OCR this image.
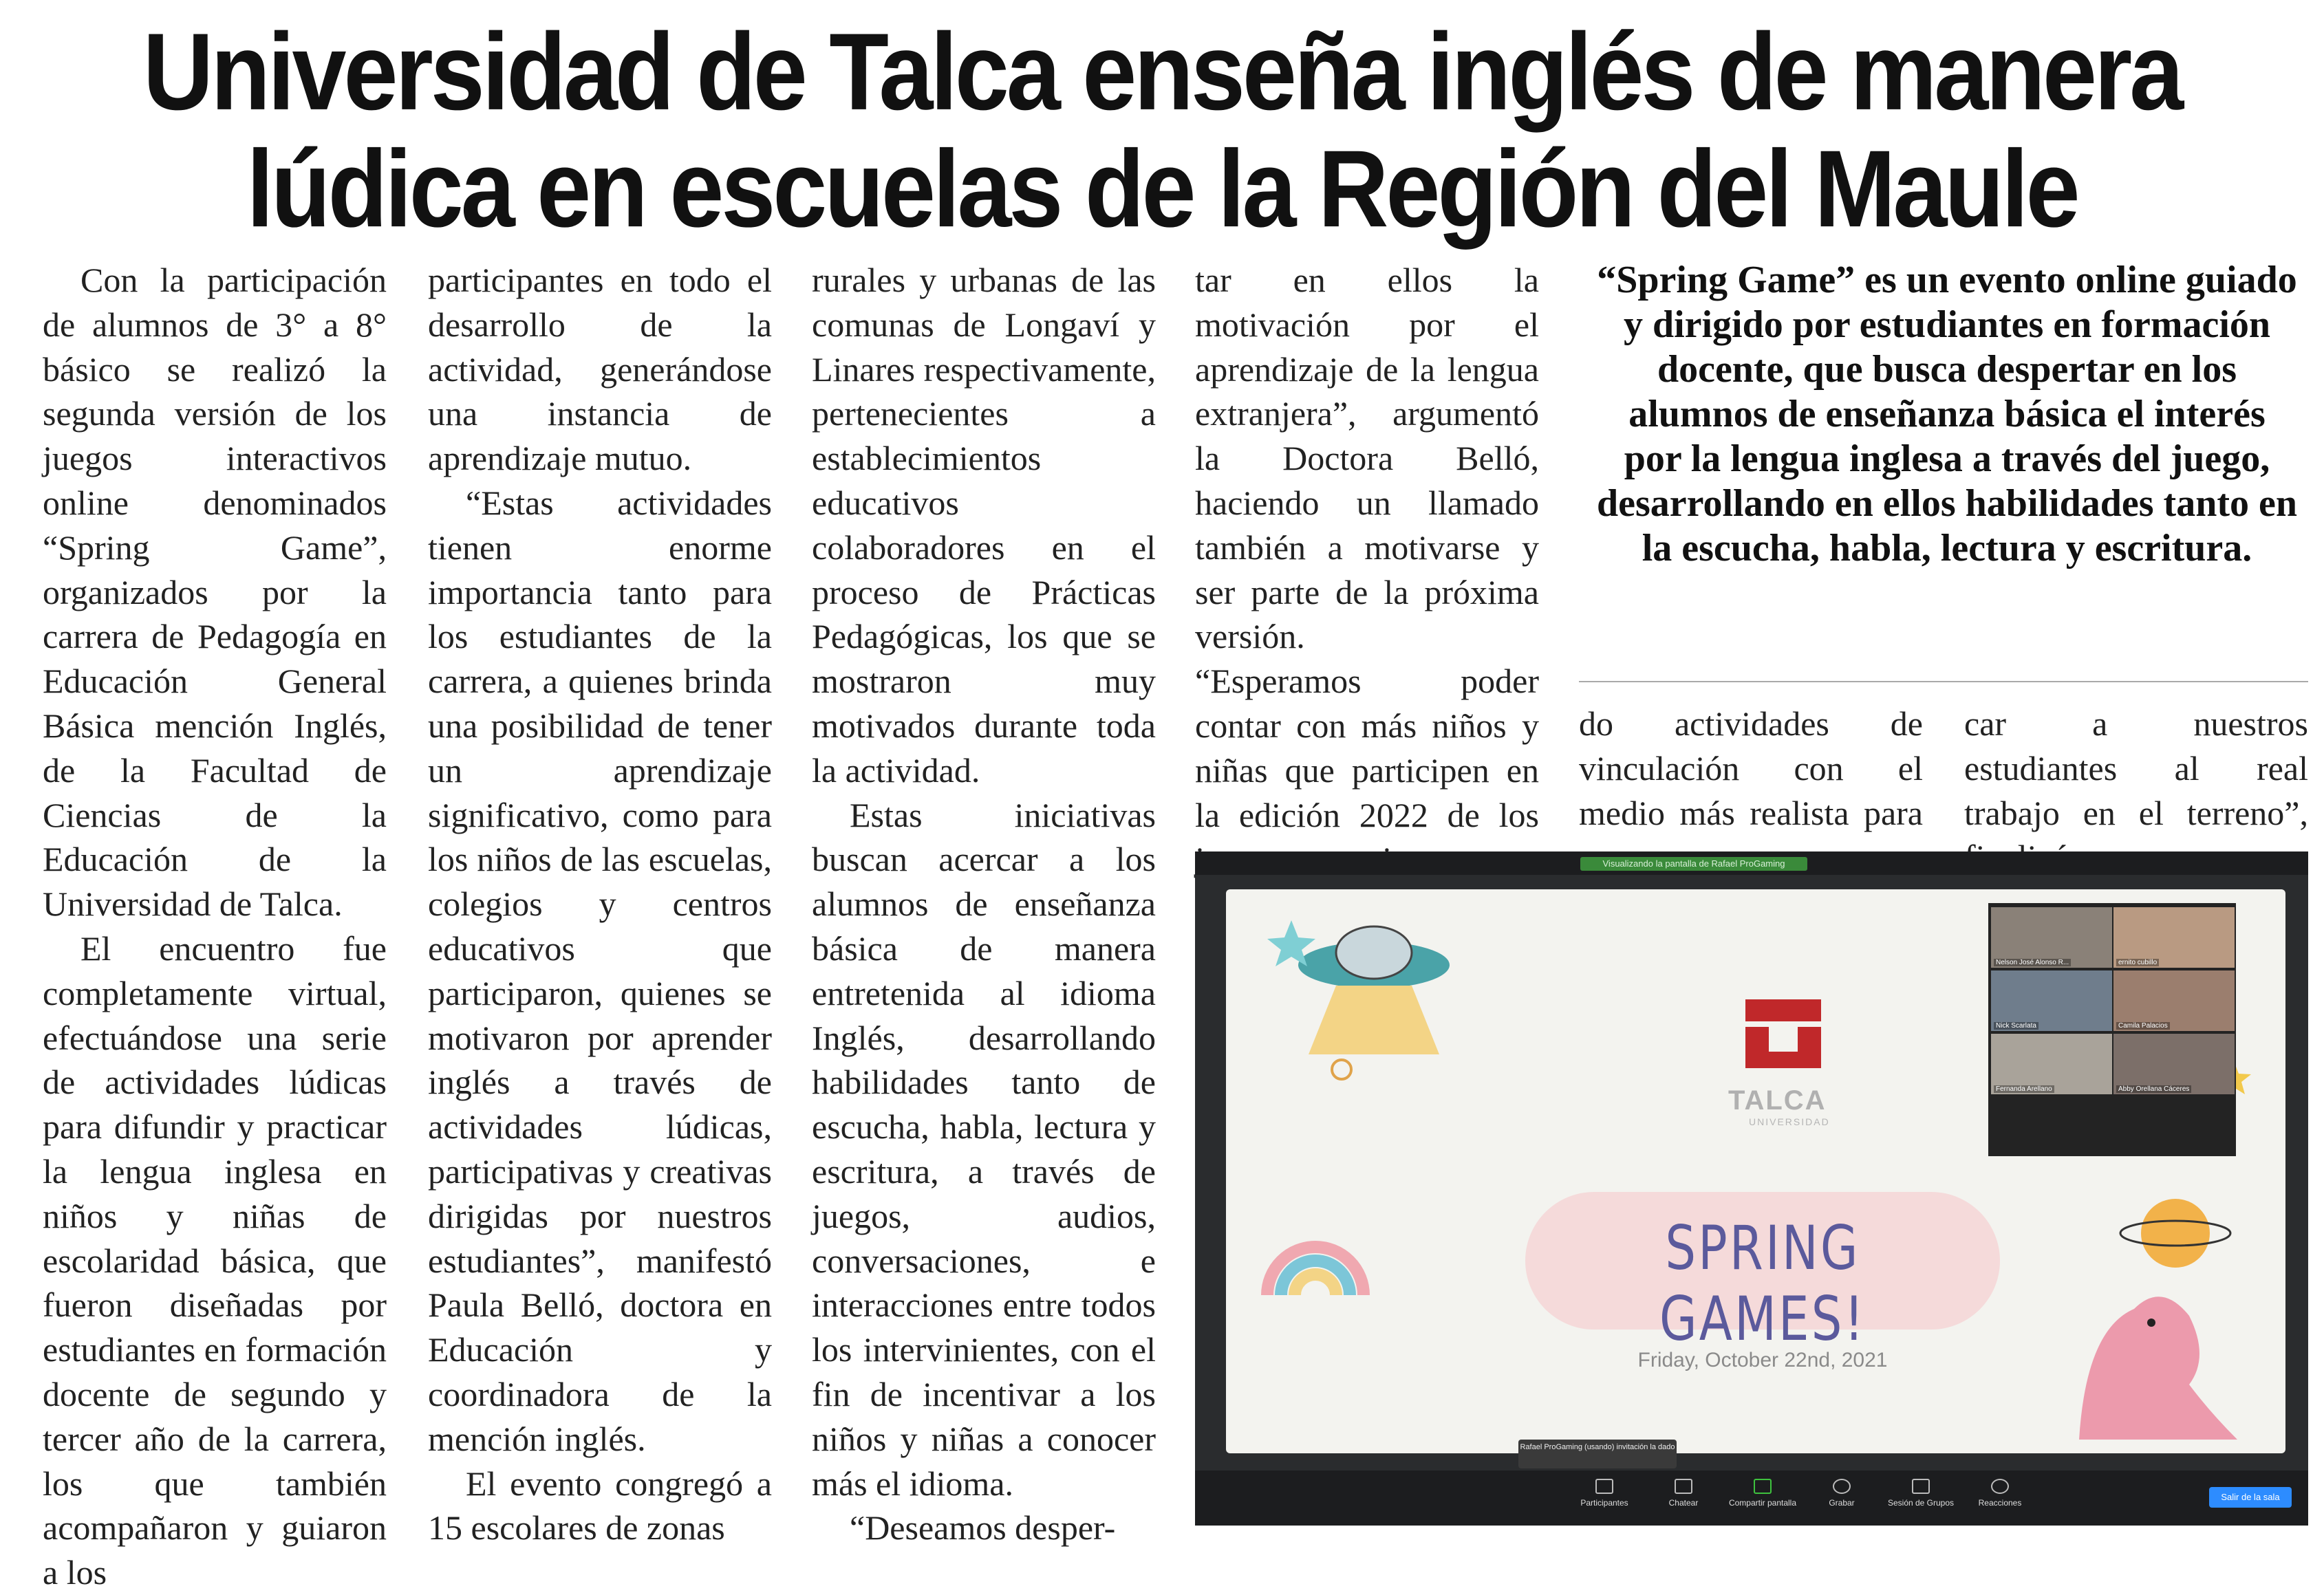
Universidad de Talca enseña inglés de manera
lúdica en escuelas de la Región del Maule

Con la participación de alumnos de 3° a 8° básico se realizó la segunda versión de los juegos interactivos online denominados “Spring Game”, organizados por la carrera de Pedagogía en Educación General Básica mención Inglés, de la Facultad de Ciencias de la Educación de la Universidad de Talca.

El encuentro fue completamente virtual, efectuándose una serie de actividades lúdicas para difundir y practicar la lengua inglesa en niños y niñas de escolaridad básica, que fueron diseñadas por estudiantes en formación docente de segundo y tercer año de la carrera, los que también acompañaron y guiaron a los

participantes en todo el desarrollo de la actividad, generándose una instancia de aprendizaje mutuo.

“Estas actividades tienen enorme importancia tanto para los estudiantes de la carrera, a quienes brinda una posibilidad de tener un aprendizaje significativo, como para los niños de las escuelas, colegios y centros educativos que participaron, quienes se motivaron por aprender inglés a través de actividades lúdicas, participativas y creativas dirigidas por nuestros estudiantes”, manifestó Paula Belló, doctora en Educación y coordinadora de la mención inglés.

El evento congregó a 15 escolares de zonas

rurales y urbanas de las comunas de Longaví y Linares respectivamente, pertenecientes a establecimientos educativos colaboradores en el proceso de Prácticas Pedagógicas, los que se mostraron muy motivados durante toda la actividad.

Estas iniciativas buscan acercar a los alumnos de enseñanza básica de manera entretenida al idioma Inglés, desarrollando habilidades tanto de escucha, habla, lectura y escritura, a través de juegos, audios, conversaciones, e interacciones entre todos los intervinientes, con el fin de incentivar a los niños y niñas a conocer más el idioma.

“Deseamos desper-

tar en ellos la motivación por el aprendizaje de la lengua extranjera”, argumentó la Doctora Belló, haciendo un llamado también a motivarse y ser parte de la próxima versión.

“Esperamos poder contar con más niños y niñas que participen en la edición 2022 de los

“Spring Game” es un evento online guiado y dirigido por estudiantes en formación docente, que busca despertar en los alumnos de enseñanza básica el interés por la lengua inglesa a través del juego, desarrollando en ellos habilidades tanto en la escucha, habla, lectura y escritura.

do actividades de vinculación con el medio más realista para

car a nuestros estudiantes al real trabajo en el terreno”,

Visualizando la pantalla de Rafael ProGaming
TALCA
UNIVERSIDAD
SPRING GAMES!
Friday, October 22nd, 2021
Nelson José Alonso R...	ernito cubillo
Nick Scarlata	Camila Palacios
Fernanda Arellano	Abby Orellana Cáceres
Rafael ProGaming (usando) invitación la dado
Participantes	Chatear	Compartir pantalla	Grabar	Sesión de Grupos	Reacciones
Salir de la sala
